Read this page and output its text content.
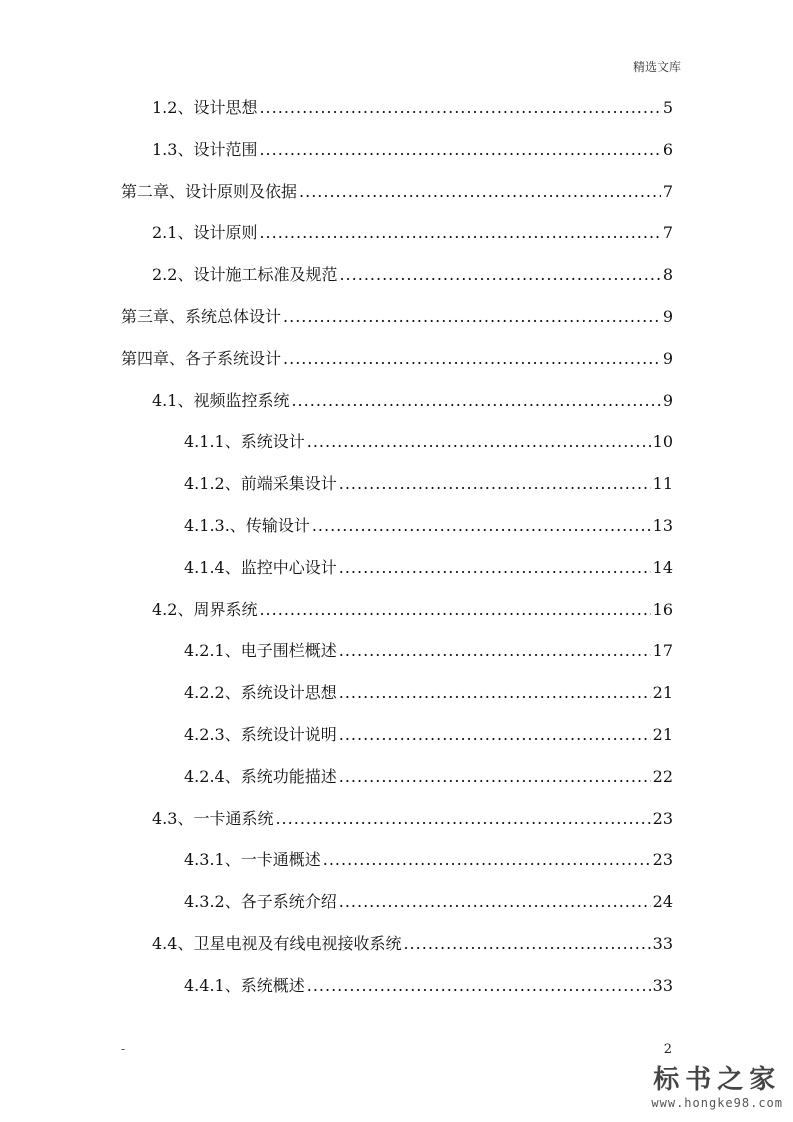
精选文库
1.2、 设计思想 .....	5
1.3、 设计范围 .....	6
第二章、 设计原则及依据 .....	7
2.1、 设计原则 .....	7
2.2、 设计施工标准及规范 .....	8
第三章、 系统总体设计 .....	9
第四章、 各子系统设计 .....	9
4.1、 视频监控系统 .....	9
4.1.1、 系统设计 .....	10
4.1.2、 前端采集设计 .....	11
4.1.3.、 传输设计 .....	13
4.1.4、 监控中心设计 .....	14
4.2、 周界系统 .....	16
4.2.1、 电子围栏概述 .....	17
4.2.2、 系统设计思想 .....	21
4.2.3、 系统设计说明 .....	21
4.2.4、 系统功能描述 .....	22
4.3、 一卡通系统 .....	23
4.3.1、 一卡通概述 .....	23
4.3.2、 各子系统介绍 .....	24
4.4、 卫星电视及有线电视接收系统 .....	33
4.4.1、 系统概述 .....	33
-	2
标书之家
www.hongke98.com
